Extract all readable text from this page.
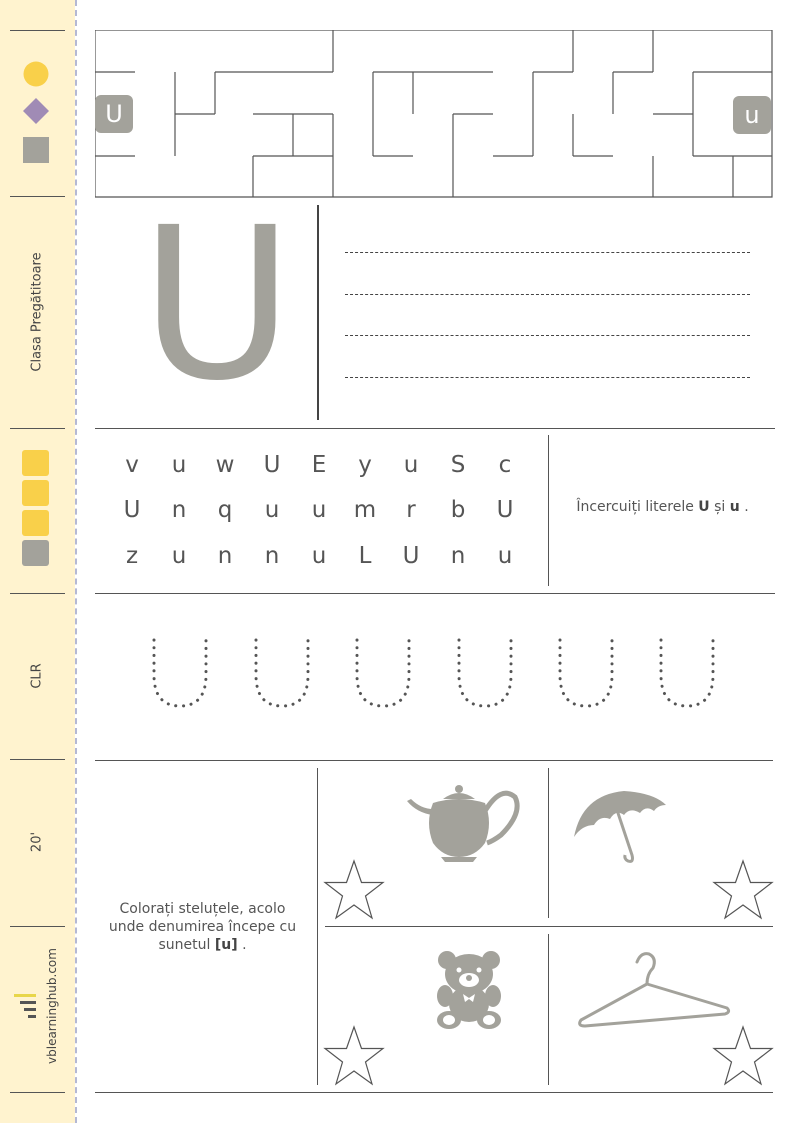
Clasa Pregătitoare
CLR
20'
vblearninghub.com
U	u
U
v	u	w	U	E	y	u	S	c
U	n	q	u	u	m	r	b	U
z	u	n	n	u	L	U	n	u
Încercuiți literele U și u .
Colorați steluțele, acolo unde denumirea începe cu sunetul [u] .
